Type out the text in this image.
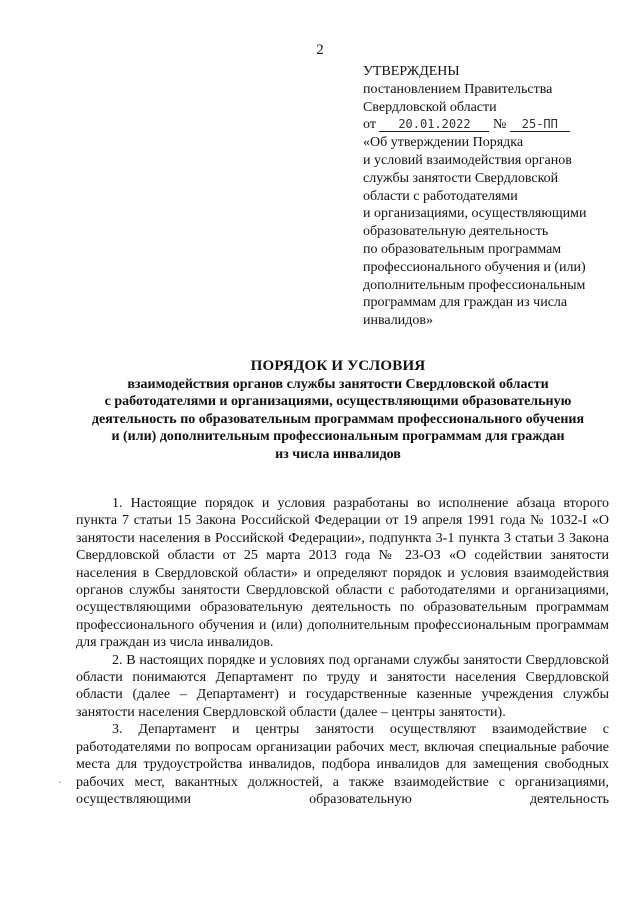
2
УТВЕРЖДЕНЫ
постановлением Правительства
Свердловской области
от 20.01.2022 № 25-ПП
«Об утверждении Порядка
и условий взаимодействия органов
службы занятости Свердловской
области с работодателями
и организациями, осуществляющими
образовательную деятельность
по образовательным программам
профессионального обучения и (или)
дополнительным профессиональным
программам для граждан из числа
инвалидов»
ПОРЯДОК И УСЛОВИЯ
взаимодействия органов службы занятости Свердловской области
с работодателями и организациями, осуществляющими образовательную
деятельность по образовательным программам профессионального обучения
и (или) дополнительным профессиональным программам для граждан
из числа инвалидов

1. Настоящие порядок и условия разработаны во исполнение абзаца второго пункта 7 статьи 15 Закона Российской Федерации от 19 апреля 1991 года № 1032-I «О занятости населения в Российской Федерации», подпункта 3-1 пункта 3 статьи 3 Закона Свердловской области от 25 марта 2013 года № 23-ОЗ «О содействии занятости населения в Свердловской области» и определяют порядок и условия взаимодействия органов службы занятости Свердловской области с работодателями и организациями, осуществляющими образовательную деятельность по образовательным программам профессионального обучения и (или) дополнительным профессиональным программам для граждан из числа инвалидов.

2. В настоящих порядке и условиях под органами службы занятости Свердловской области понимаются Департамент по труду и занятости населения Свердловской области (далее – Департамент) и государственные казенные учреждения службы занятости населения Свердловской области (далее – центры занятости).

3. Департамент и центры занятости осуществляют взаимодействие с работодателями по вопросам организации рабочих мест, включая специальные рабочие места для трудоустройства инвалидов, подбора инвалидов для замещения свободных рабочих мест, вакантных должностей, а также взаимодействие с организациями, осуществляющими образовательную деятельность

·
